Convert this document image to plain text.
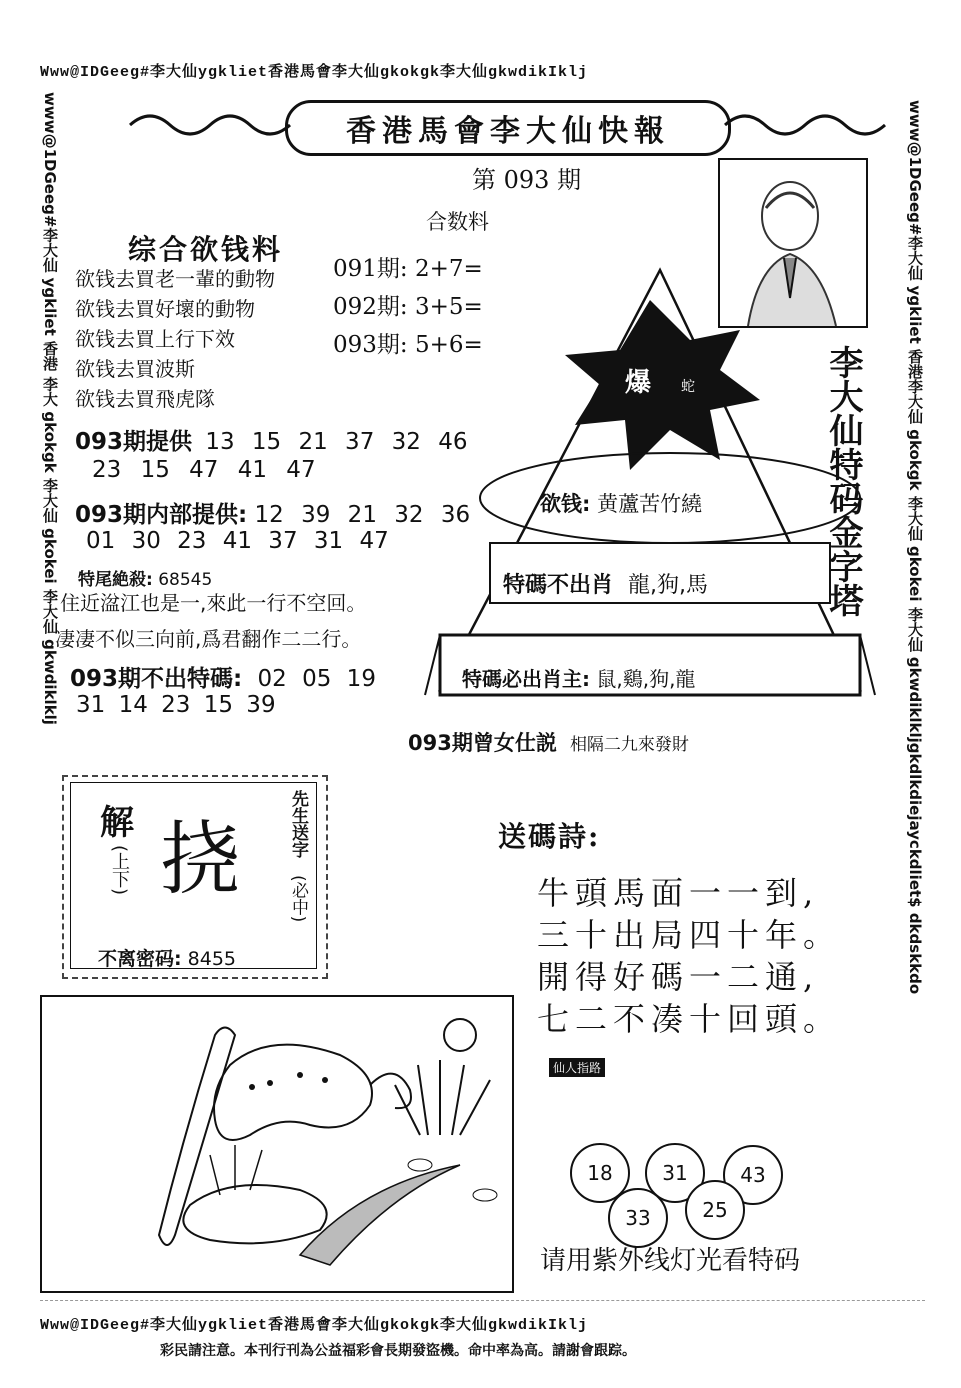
Www@IDGeeg#李大仙ygkliet香港馬會李大仙gkokgk李大仙gkwdikIklj
www@1DGeeg#李大仙 ygkliet 香港 李大 gkokgk 李大仙 gkokei 李大仙 gkwdiklklj	www@1DGeeg#李大仙 ygkliet 香港李大仙 gkokgk 李大仙 gkokei 李大仙 gkwdiklkljgkdlkdiejayckdliet$ dkdskkdo
Www@IDGeeg#李大仙ygkliet香港馬會李大仙gkokgk李大仙gkwdikIklj
香港馬會李大仙快報
第 093 期
合数料
091期: 2+7=
092期: 3+5=
093期: 5+6=
综合欲钱料
欲钱去買老一輩的動物
欲钱去買好壞的動物
欲钱去買上行下效
欲钱去買波斯
欲钱去買飛虎隊
093期提供 13 15 21 37 32 46
23 15 47 41 47
093期内部提供: 12 39 21 32 36
01 30 23 41 37 31 47
特尾絶殺: 68545
住近湓江也是一,來此一行不空回。
凄凄不似三向前,爲君翻作二二行。
093期不出特碼: 02 05 19
31 14 23 15 39
爆 蛇
欲钱: 黄蘆苦竹繞
特碼不出肖 龍,狗,馬
特碼必出肖主: 鼠,鷄,狗,龍
李大仙特码金字塔
093期曾女仕説 相隔二九來發財
解
(上下) 挠	先生送字
(必中)
不离密码: 8455
送碼詩:
牛頭馬面一一到,
三十出局四十年。
開得好碼一二通,
七二不凑十回頭。
仙人指路
18	31	43
33	25
请用紫外线灯光看特码
彩民請注意。本刊行刊為公益福彩會長期發盜機。命中率為高。請謝會跟踪。
